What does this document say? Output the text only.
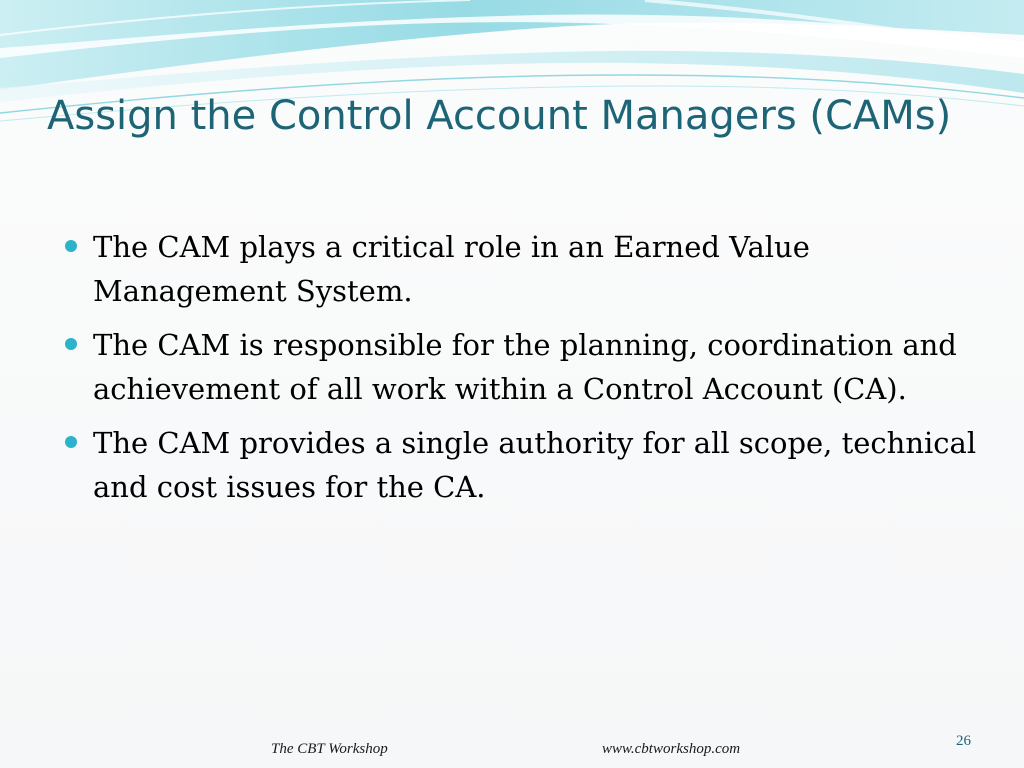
Assign the Control Account Managers (CAMs)
The CAM plays a critical role in an Earned Value Management System.
The CAM is responsible for the planning, coordination and achievement of all work within a Control Account (CA).
The CAM provides a single authority for all scope, technical and cost issues for the CA.
The CBT Workshop	www.cbtworkshop.com	26
